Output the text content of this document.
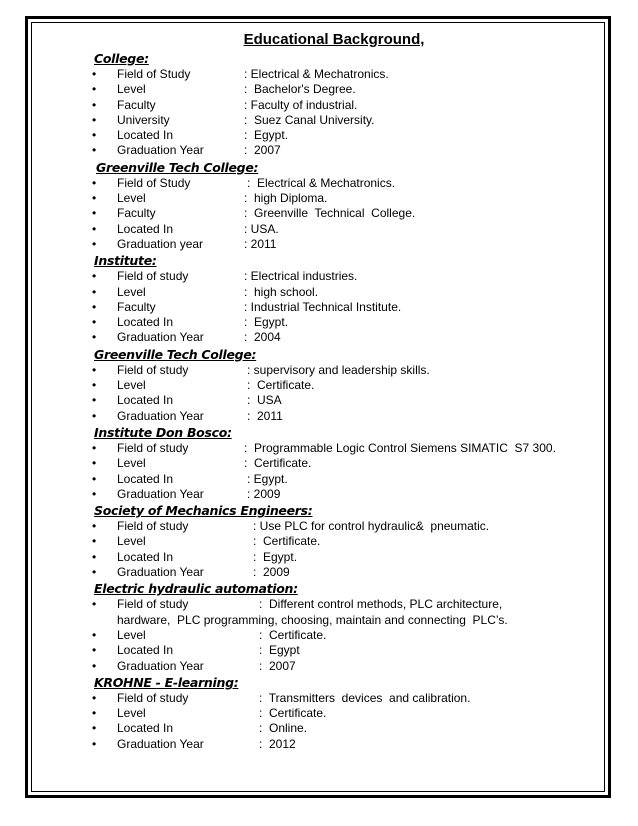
Educational Background,
College:
• Field of Study	: Electrical & Mechatronics.
• Level	:  Bachelor's Degree.
• Faculty	: Faculty of industrial.
• University	:  Suez Canal University.
• Located In	:  Egypt.
• Graduation Year	:  2007
Greenville Tech College:
• Field of Study	:  Electrical & Mechatronics.
• Level	:  high Diploma.
• Faculty	:  Greenville  Technical  College.
• Located In	: USA.
• Graduation year	: 2011
Institute:
• Field of study	: Electrical industries.
• Level	:  high school.
• Faculty	: Industrial Technical Institute.
• Located In	:  Egypt.
• Graduation Year	:  2004
Greenville Tech College:
• Field of study	: supervisory and leadership skills.
• Level	:  Certificate.
• Located In	:  USA
• Graduation Year	:  2011
Institute Don Bosco:
• Field of study	:  Programmable Logic Control Siemens SIMATIC  S7 300.
• Level	:  Certificate.
• Located In	: Egypt.
• Graduation Year	: 2009
Society of Mechanics Engineers:
• Field of study	: Use PLC for control hydraulic&  pneumatic.
• Level	:  Certificate.
• Located In	:  Egypt.
• Graduation Year	:  2009
Electric hydraulic automation:
• Field of study	:  Different control methods, PLC architecture,
hardware,  PLC programming, choosing, maintain and connecting  PLC’s.
• Level	:  Certificate.
• Located In	:  Egypt
• Graduation Year	:  2007
KROHNE - E-learning:
• Field of study	:  Transmitters  devices  and calibration.
• Level	:  Certificate.
• Located In	:  Online.
• Graduation Year	:  2012
